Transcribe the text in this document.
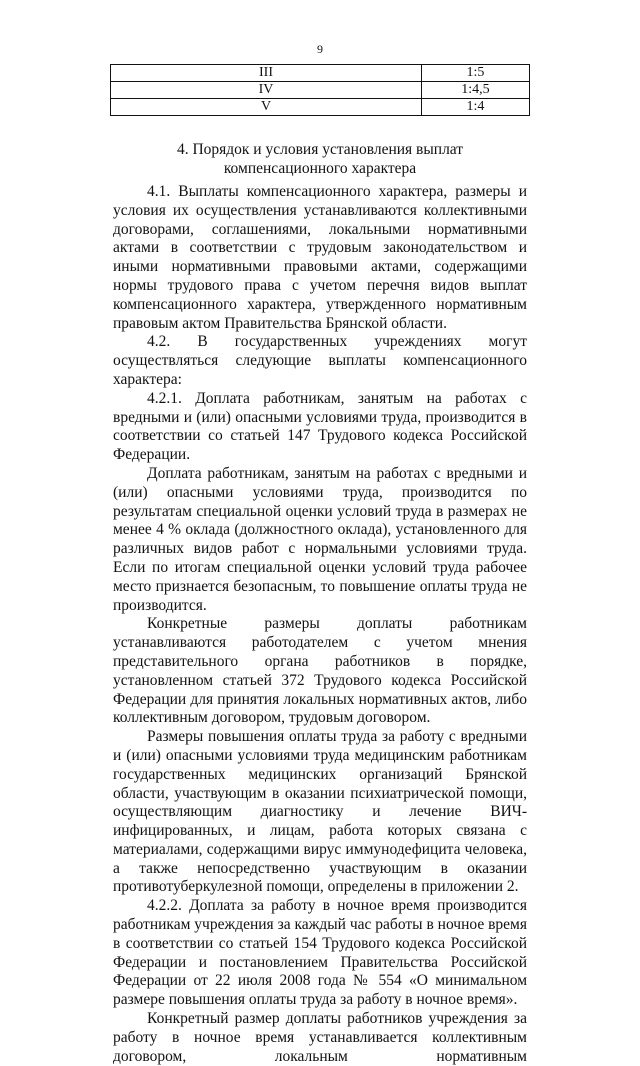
9
III	1:5
IV	1:4,5
V	1:4
4. Порядок и условия установления выплат
компенсационного характера

4.1. Выплаты компенсационного характера, размеры и условия их осуществления устанавливаются коллективными договорами, соглашениями, локальными нормативными актами в соответствии с трудовым законодательством и иными нормативными правовыми актами, содержащими нормы трудового права с учетом перечня видов выплат компенсационного характера, утвержденного нормативным правовым актом Правительства Брянской области.

4.2. В государственных учреждениях могут осуществляться следующие выплаты компенсационного характера:

4.2.1. Доплата работникам, занятым на работах с вредными и (или) опасными условиями труда, производится в соответствии со статьей 147 Трудового кодекса Российской Федерации.

Доплата работникам, занятым на работах с вредными и (или) опасными условиями труда, производится по результатам специальной оценки условий труда в размерах не менее 4 % оклада (должностного оклада), установленного для различных видов работ с нормальными условиями труда. Если по итогам специальной оценки условий труда рабочее место признается безопасным, то повышение оплаты труда не производится.

Конкретные размеры доплаты работникам устанавливаются работодателем с учетом мнения представительного органа работников в порядке, установленном статьей 372 Трудового кодекса Российской Федерации для принятия локальных нормативных актов, либо коллективным договором, трудовым договором.

Размеры повышения оплаты труда за работу с вредными и (или) опасными условиями труда медицинским работникам государственных медицинских организаций Брянской области, участвующим в оказании психиатрической помощи, осуществляющим диагностику и лечение ВИЧ-инфицированных, и лицам, работа которых связана с материалами, содержащими вирус иммунодефицита человека, а также непосредственно участвующим в оказании противотуберкулезной помощи, определены в приложении 2.

4.2.2. Доплата за работу в ночное время производится работникам учреждения за каждый час работы в ночное время в соответствии со статьей 154 Трудового кодекса Российской Федерации и постановлением Правительства Российской Федерации от 22 июля 2008 года № 554 «О минимальном размере повышения оплаты труда за работу в ночное время».

Конкретный размер доплаты работников учреждения за работу в ночное время устанавливается коллективным договором, локальным нормативным
